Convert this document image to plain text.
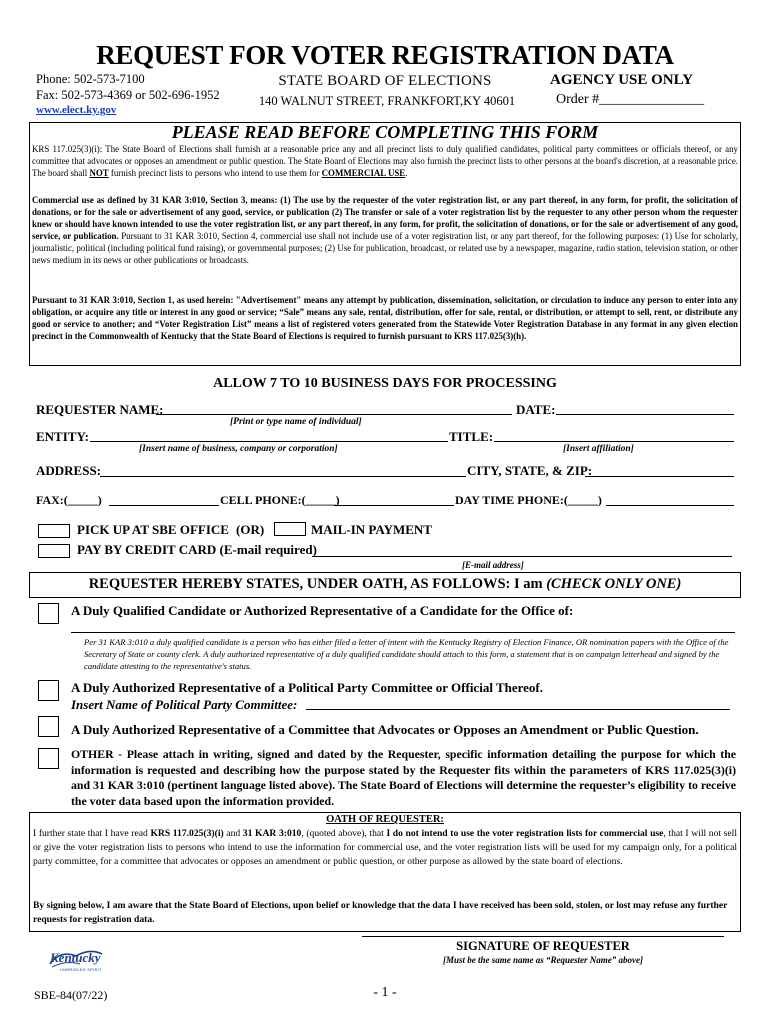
REQUEST FOR VOTER REGISTRATION DATA
Phone: 502-573-7100
Fax: 502-573-4369 or 502-696-1952
www.elect.ky.gov
STATE BOARD OF ELECTIONS
140 WALNUT STREET, FRANKFORT,KY 40601
AGENCY USE ONLY
Order #_______________
PLEASE READ BEFORE COMPLETING THIS FORM
KRS 117.025(3)(i): The State Board of Elections shall furnish at a reasonable price any and all precinct lists to duly qualified candidates, political party committees or officials thereof, or any committee that advocates or opposes an amendment or public question. The State Board of Elections may also furnish the precinct lists to other persons at the board's discretion, at a reasonable price. The board shall NOT furnish precinct lists to persons who intend to use them for COMMERCIAL USE.
Commercial use as defined by 31 KAR 3:010, Section 3, means: (1) The use by the requester of the voter registration list, or any part thereof, in any form, for profit, the solicitation of donations, or for the sale or advertisement of any good, service, or publication (2) The transfer or sale of a voter registration list by the requester to any other person whom the requester knew or should have known intended to use the voter registration list, or any part thereof, in any form, for profit, the solicitation of donations, or for the sale or advertisement of any good, service, or publication. Pursuant to 31 KAR 3:010, Section 4, commercial use shall not include use of a voter registration list, or any part thereof, for the following purposes: (1) Use for scholarly, journalistic, political (including political fund raising), or governmental purposes; (2) Use for publication, broadcast, or related use by a newspaper, magazine, radio station, television station, or other news medium in its news or other publications or broadcasts.
Pursuant to 31 KAR 3:010, Section 1, as used herein: "Advertisement" means any attempt by publication, dissemination, solicitation, or circulation to induce any person to enter into any obligation, or acquire any title or interest in any good or service; “Sale” means any sale, rental, distribution, offer for sale, rental, or distribution, or attempt to sell, rent, or distribute any good or service to another; and “Voter Registration List” means a list of registered voters generated from the Statewide Voter Registration Database in any format in any given election precinct in the Commonwealth of Kentucky that the State Board of Elections is required to furnish pursuant to KRS 117.025(3)(h).
ALLOW 7 TO 10 BUSINESS DAYS FOR PROCESSING
REQUESTER NAME:	DATE:
[Print or type name of individual]
ENTITY:	TITLE:
[Insert name of business, company or corporation]	[Insert affiliation]
ADDRESS:	CITY, STATE, & ZIP:
FAX:(_____)	CELL PHONE:(_____)	DAY TIME PHONE:(_____)
PICK UP AT SBE OFFICE (OR)	MAIL-IN PAYMENT
PAY BY CREDIT CARD (E-mail required)
[E-mail address]
REQUESTER HEREBY STATES, UNDER OATH, AS FOLLOWS: I am (CHECK ONLY ONE)
A Duly Qualified Candidate or Authorized Representative of a Candidate for the Office of:
Per 31 KAR 3:010 a duly qualified candidate is a person who has either filed a letter of intent with the Kentucky Registry of Election Finance, OR nomination papers with the Office of the Secretary of State or county clerk. A duly authorized representative of a duly qualified candidate should attach to this form, a statement that is on campaign letterhead and signed by the candidate attesting to the representative's status.
A Duly Authorized Representative of a Political Party Committee or Official Thereof.
Insert Name of Political Party Committee:
A Duly Authorized Representative of a Committee that Advocates or Opposes an Amendment or Public Question.
OTHER - Please attach in writing, signed and dated by the Requester, specific information detailing the purpose for which the information is requested and describing how the purpose stated by the Requester fits within the parameters of KRS 117.025(3)(i) and 31 KAR 3:010 (pertinent language listed above). The State Board of Elections will determine the requester’s eligibility to receive the voter data based upon the information provided.
OATH OF REQUESTER:
I further state that I have read KRS 117.025(3)(i) and 31 KAR 3:010, (quoted above), that I do not intend to use the voter registration lists for commercial use, that I will not sell or give the voter registration lists to persons who intend to use the information for commercial use, and the voter registration lists will be used for my campaign only, for a political party committee, for a committee that advocates or opposes an amendment or public question, or other purpose as allowed by the state board of elections.
By signing below, I am aware that the State Board of Elections, upon belief or knowledge that the data I have received has been sold, stolen, or lost may refuse any further requests for registration data.
SIGNATURE OF REQUESTER
[Must be the same name as “Requester Name” above]
Kentucky
UNBRIDLED SPIRIT
SBE-84(07/22)	- 1 -
